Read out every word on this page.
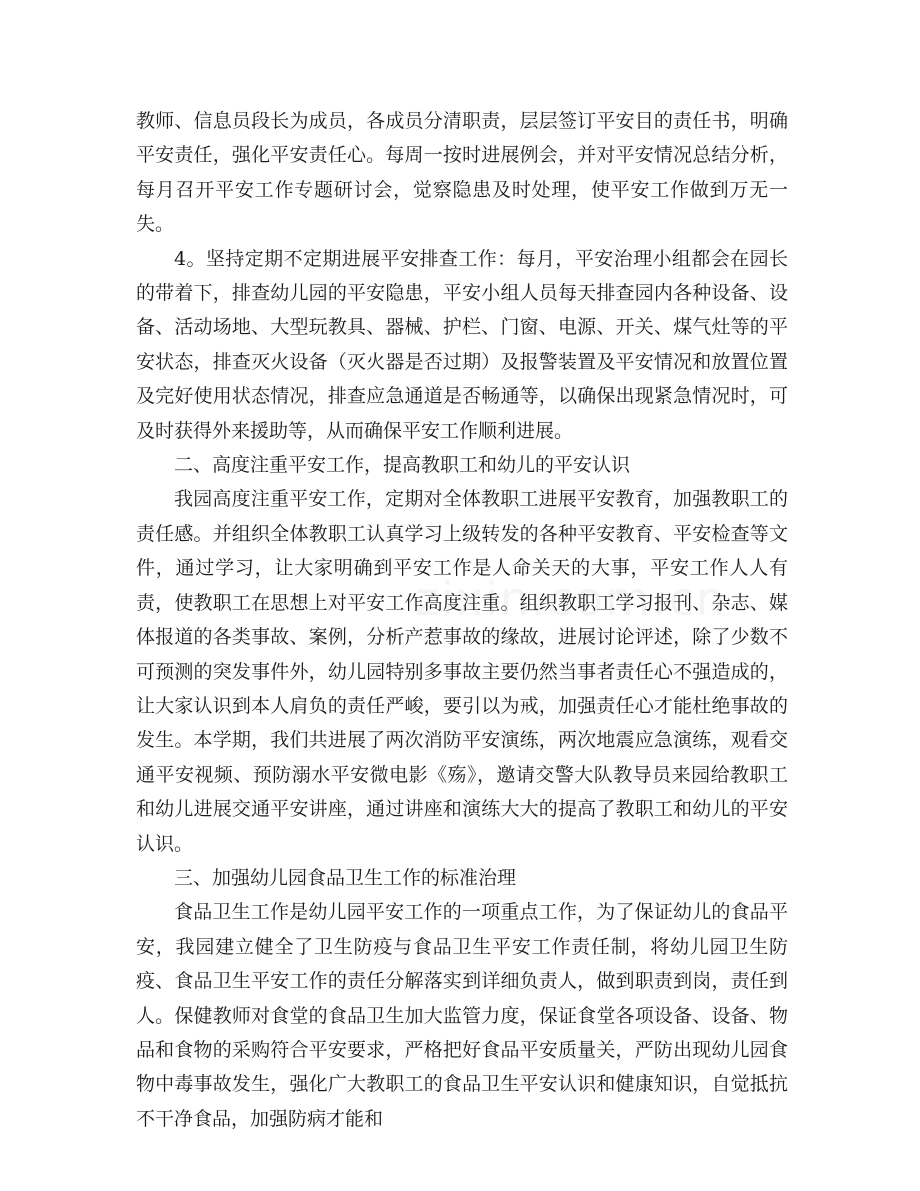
教师、信息员段长为成员，各成员分清职责，层层签订平安目的责任书，明确平安责任，强化平安责任心。每周一按时进展例会，并对平安情况总结分析，每月召开平安工作专题研讨会，觉察隐患及时处理，使平安工作做到万无一失。

4。坚持定期不定期进展平安排查工作：每月，平安治理小组都会在园长的带着下，排查幼儿园的平安隐患，平安小组人员每天排查园内各种设备、设备、活动场地、大型玩教具、器械、护栏、门窗、电源、开关、煤气灶等的平安状态，排查灭火设备（灭火器是否过期）及报警装置及平安情况和放置位置及完好使用状态情况，排查应急通道是否畅通等，以确保出现紧急情况时，可及时获得外来援助等，从而确保平安工作顺利进展。

二、高度注重平安工作，提高教职工和幼儿的平安认识

我园高度注重平安工作，定期对全体教职工进展平安教育，加强教职工的责任感。并组织全体教职工认真学习上级转发的各种平安教育、平安检查等文件，通过学习，让大家明确到平安工作是人命关天的大事，平安工作人人有责，使教职工在思想上对平安工作高度注重。组织教职工学习报刊、杂志、媒体报道的各类事故、案例，分析产惹事故的缘故，进展讨论评述，除了少数不可预测的突发事件外，幼儿园特别多事故主要仍然当事者责任心不强造成的，让大家认识到本人肩负的责任严峻，要引以为戒，加强责任心才能杜绝事故的发生。本学期，我们共进展了两次消防平安演练，两次地震应急演练，观看交通平安视频、预防溺水平安微电影《殇》，邀请交警大队教导员来园给教职工和幼儿进展交通平安讲座，通过讲座和演练大大的提高了教职工和幼儿的平安认识。

三、加强幼儿园食品卫生工作的标准治理

食品卫生工作是幼儿园平安工作的一项重点工作，为了保证幼儿的食品平安，我园建立健全了卫生防疫与食品卫生平安工作责任制，将幼儿园卫生防疫、食品卫生平安工作的责任分解落实到详细负责人，做到职责到岗，责任到人。保健教师对食堂的食品卫生加大监管力度，保证食堂各项设备、设备、物品和食物的采购符合平安要求，严格把好食品平安质量关，严防出现幼儿园食物中毒事故发生，强化广大教职工的食品卫生平安认识和健康知识，自觉抵抗不干净食品，加强防病才能和
